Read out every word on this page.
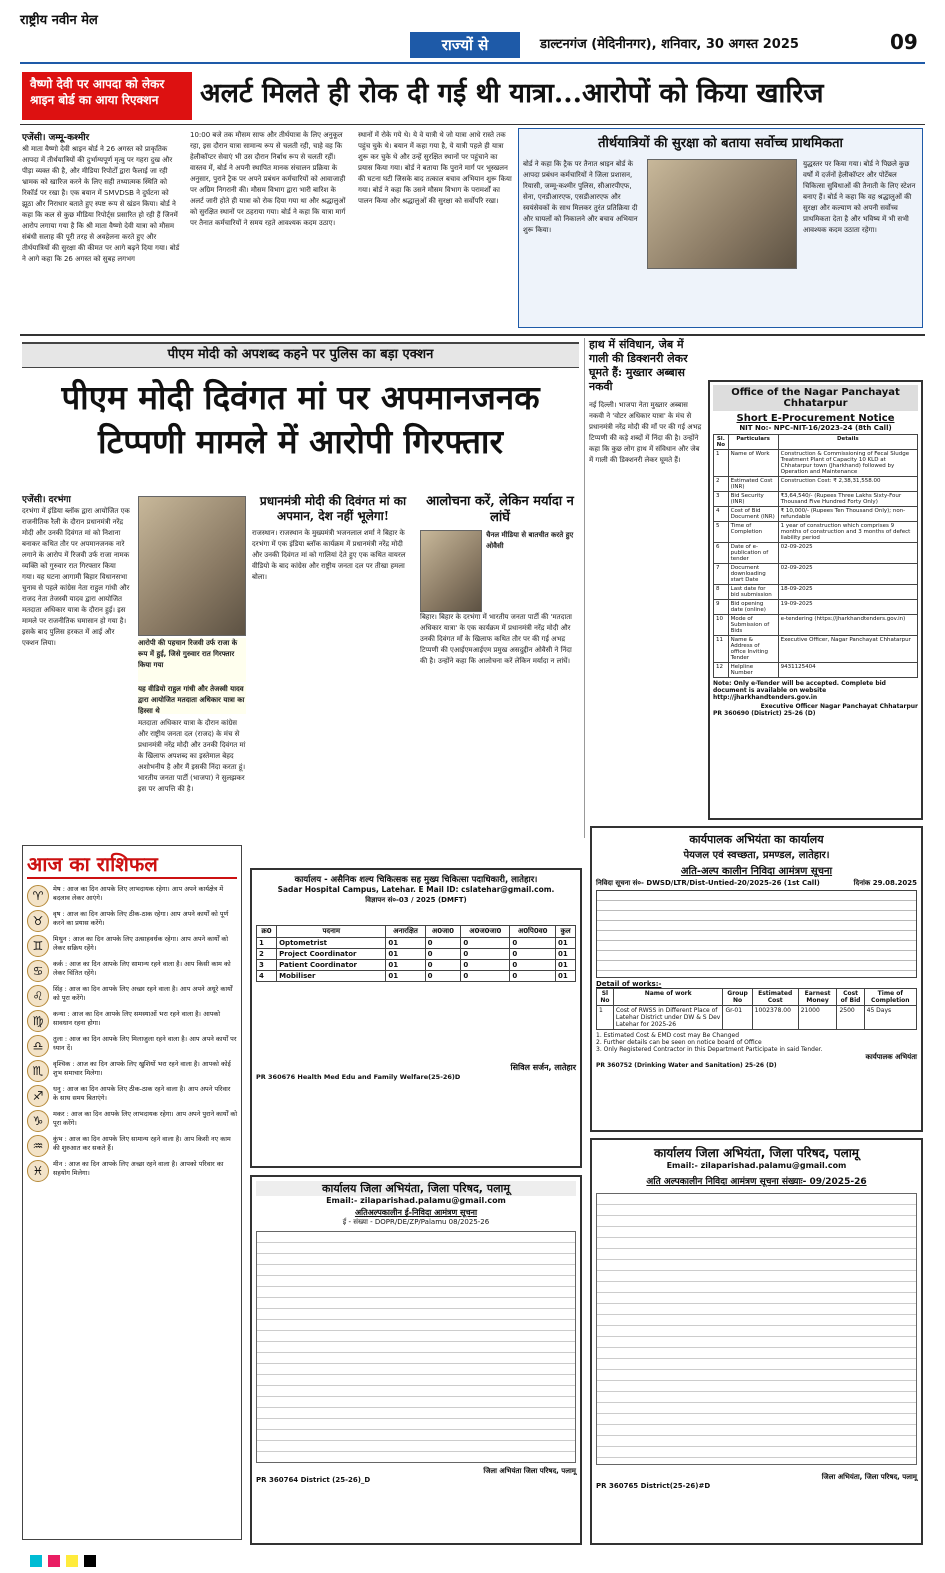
राष्ट्रीय नवीन मेल
राज्यों से	डाल्टनगंज (मेदिनीनगर), शनिवार, 30 अगस्त 2025	09
वैष्णो देवी पर आपदा को लेकर श्राइन बोर्ड का आया रिएक्शन	अलर्ट मिलते ही रोक दी गई थी यात्रा...आरोपों को किया खारिज
एजेंसी। जम्मू-कश्मीर
श्री माता वैष्णो देवी श्राइन बोर्ड ने 26 अगस्त को प्राकृतिक आपदा में तीर्थयात्रियों की दुर्भाग्यपूर्ण मृत्यु पर गहरा दुख और पीड़ा व्यक्त की है, और मीडिया रिपोर्टों द्वारा फैलाई जा रही भ्रामक को खारिज करने के लिए सही तथ्यात्मक स्थिति को रिकॉर्ड पर रखा है। एक बयान में SMVDSB ने दुर्घटना को झूठा और निराधार बताते हुए स्पष्ट रूप से खंडन किया। बोर्ड ने कहा कि कल से कुछ मीडिया रिपोर्ट्स प्रसारित हो रही हैं जिनमें आरोप लगाया गया है कि श्री माता वैष्णो देवी यात्रा को मौसम संबंधी सलाह की पूरी तरह से अवहेलना करते हुए और तीर्थयात्रियों की सुरक्षा की कीमत पर आगे बढ़ने दिया गया। बोर्ड ने आगे कहा कि 26 अगस्त को सुबह लगभग
10:00 बजे तक मौसम साफ और तीर्थयात्रा के लिए अनुकूल रहा, इस दौरान यात्रा सामान्य रूप से चलती रही, चाहे वह कि हेलीकॉप्टर सेवाएं भी उस दौरान निर्बाध रूप से चलती रहीं। वास्तव में, बोर्ड ने अपनी स्थापित मानक संचालन प्रक्रिया के अनुसार, पुराने ट्रैक पर अपने प्रबंधन कर्मचारियों को आवाजाही पर अग्रिम निगरानी की। मौसम विभाग द्वारा भारी बारिश के अलर्ट जारी होते ही यात्रा को रोक दिया गया था और श्रद्धालुओं को सुरक्षित स्थानों पर ठहराया गया। बोर्ड ने कहा कि यात्रा मार्ग पर तैनात कर्मचारियों ने समय रहते आवश्यक कदम उठाए।
स्थानों में रोके गये थे। ये वे यात्री थे जो यात्रा आधे रास्ते तक पहुंच चुके थे। बयान में कहा गया है, ये यात्री पहले ही यात्रा शुरू कर चुके थे और उन्हें सुरक्षित स्थानों पर पहुंचाने का प्रयास किया गया। बोर्ड ने बताया कि पुराने मार्ग पर भूस्खलन की घटना घटी जिसके बाद तत्काल बचाव अभियान शुरू किया गया। बोर्ड ने कहा कि उसने मौसम विभाग के परामर्शों का पालन किया और श्रद्धालुओं की सुरक्षा को सर्वोपरि रखा।
तीर्थयात्रियों की सुरक्षा को बताया सर्वोच्च प्राथमिकता
बोर्ड ने कहा कि ट्रैक पर तैनात श्राइन बोर्ड के आपदा प्रबंधन कर्मचारियों ने जिला प्रशासन, रियासी, जम्मू-कश्मीर पुलिस, सीआरपीएफ, सेना, एनडीआरएफ, एसडीआरएफ और स्वयंसेवकों के साथ मिलकर तुरंत प्रतिक्रिया दी और घायलों को निकालने और बचाव अभियान शुरू किया।
युद्धस्तर पर किया गया। बोर्ड ने पिछले कुछ वर्षों में दर्जनों हेलीकॉप्टर और पोर्टेबल चिकित्सा सुविधाओं की तैनाती के लिए स्टेशन बनाए हैं। बोर्ड ने कहा कि वह श्रद्धालुओं की सुरक्षा और कल्याण को अपनी सर्वोच्च प्राथमिकता देता है और भविष्य में भी सभी आवश्यक कदम उठाता रहेगा।
पीएम मोदी को अपशब्द कहने पर पुलिस का बड़ा एक्शन
पीएम मोदी दिवंगत मां पर अपमानजनक
टिप्पणी मामले में आरोपी गिरफ्तार
एजेंसी। दरभंगा
दरभंगा में इंडिया ब्लॉक द्वारा आयोजित एक राजनीतिक रैली के दौरान प्रधानमंत्री नरेंद्र मोदी और उनकी दिवंगत मां को निशाना बनाकर कथित तौर पर अपमानजनक नारे लगाने के आरोप में रिजवी उर्फ राजा नामक व्यक्ति को गुरुवार रात गिरफ्तार किया गया। यह घटना आगामी बिहार विधानसभा चुनाव से पहले कांग्रेस नेता राहुल गांधी और राजद नेता तेजस्वी यादव द्वारा आयोजित मतदाता अधिकार यात्रा के दौरान हुई। इस मामले पर राजनीतिक घमासान हो गया है। इसके बाद पुलिस हरकत में आई और एक्शन लिया।	आरोपी की पहचान रिजवी उर्फ राजा के रूप में हुई, जिसे गुरुवार रात गिरफ्तार किया गया
यह वीडियो राहुल गांधी और तेजस्वी यादव द्वारा आयोजित मतदाता अधिकार यात्रा का हिस्सा थे
मतदाता अधिकार यात्रा के दौरान कांग्रेस और राष्ट्रीय जनता दल (राजद) के मंच से प्रधानमंत्री नरेंद्र मोदी और उनकी दिवंगत मां के खिलाफ अपशब्द का इस्तेमाल बेहद अशोभनीय है और मैं इसकी निंदा करता हूं। भारतीय जनता पार्टी (भाजपा) ने सुलझकर इस पर आपत्ति की है।
प्रधानमंत्री मोदी की दिवंगत मां का अपमान, देश नहीं भूलेगा!
राजस्थान। राजस्थान के मुख्यमंत्री भजनलाल शर्मा ने बिहार के दरभंगा में एक इंडिया ब्लॉक कार्यक्रम में प्रधानमंत्री नरेंद्र मोदी और उनकी दिवंगत मां को गालियां देते हुए एक कथित वायरल वीडियो के बाद कांग्रेस और राष्ट्रीय जनता दल पर तीखा हमला बोला।
आलोचना करें, लेकिन मर्यादा न लांघें
चैनल मीडिया से बातचीत करते हुए ओवैसी
बिहार। बिहार के दरभंगा में भारतीय जनता पार्टी की 'मतदाता अधिकार यात्रा' के एक कार्यक्रम में प्रधानमंत्री नरेंद्र मोदी और उनकी दिवंगत माँ के खिलाफ कथित तौर पर की गई अभद्र टिप्पणी की एआईएमआईएम प्रमुख असदुद्दीन ओवैसी ने निंदा की है। उन्होंने कहा कि आलोचना करें लेकिन मर्यादा न लांघें।
हाथ में संविधान, जेब में गाली की डिक्शनरी लेकर घूमते हैं: मुख्तार अब्बास नकवी
नई दिल्ली। भाजपा नेता मुख्तार अब्बास नकवी ने 'वोटर अधिकार यात्रा' के मंच से प्रधानमंत्री नरेंद्र मोदी की माँ पर की गई अभद्र टिप्पणी की कड़े शब्दों में निंदा की है। उन्होंने कहा कि कुछ लोग हाथ में संविधान और जेब में गाली की डिक्शनरी लेकर घूमते हैं।
Office of the Nagar Panchayat Chhatarpur
Short E-Procurement Notice
NIT No:- NPC-NIT-16/2023-24 (8th Call)
Sl. No	Particulars	Details
1	Name of Work	Construction & Commissioning of Fecal Sludge Treatment Plant of Capacity 10 KLD at Chhatarpur town (Jharkhand) followed by Operation and Maintenance
2	Estimated Cost (INR)	Construction Cost: ₹ 2,38,31,558.00
3	Bid Security (INR)	₹3,64,540/- (Rupees Three Lakhs Sixty-Four Thousand Five Hundred Forty Only)
4	Cost of Bid Document (INR)	₹ 10,000/- (Rupees Ten Thousand Only); non-refundable
5	Time of Completion	1 year of construction which comprises 9 months of construction and 3 months of defect liability period
6	Date of e-publication of tender	02-09-2025
7	Document downloading start Date	02-09-2025
8	Last date for bid submission	18-09-2025
9	Bid opening date (online)	19-09-2025
10	Mode of Submission of Bids	e-tendering (https://jharkhandtenders.gov.in)
11	Name & Address of office Inviting Tender	Executive Officer, Nagar Panchayat Chhatarpur
12	Helpline Number	9431125404
Note: Only e-Tender will be accepted. Complete bid document is available on website http://jharkhandtenders.gov.in
Executive Officer Nagar Panchayat Chhatarpur
PR 360690 (District) 25-26 (D)
कार्यपालक अभियंता का कार्यालय
पेयजल एवं स्वच्छता, प्रमण्डल, लातेहार।
अति-अल्प कालीन निविदा आमंत्रण सूचना
निविदा सूचना सं०- DWSD/LTR/Dist-Untied-20/2025-26 (1st Call)	दिनांक 29.08.2025
Detail of works:-
Sl No	Name of work	Group No	Estimated Cost	Earnest Money	Cost of Bid	Time of Completion
1	Cost of RWSS in Different Place of Latehar District under DW & S Dev Latehar for 2025-26	Gr-01	1002378.00	21000	2500	45 Days
1. Estimated Cost & EMD cost may Be Changed
2. Further details can be seen on notice board of Office
3. Only Registered Contractor in this Department Participate in said Tender.
कार्यपालक अभियंता
PR 360752 (Drinking Water and Sanitation) 25-26 (D)
आज का राशिफल
♈	मेष : आज का दिन आपके लिए लाभदायक रहेगा। आप अपने कार्यक्षेत्र में बदलाव लेकर आएंगे।
♉	वृष : आज का दिन आपके लिए ठीक-ठाक रहेगा। आप अपने कार्यों को पूर्ण करने का प्रयास करेंगे।
♊	मिथुन : आज का दिन आपके लिए उत्साहवर्धक रहेगा। आप अपने कार्यों को लेकर सक्रिय रहेंगे।
♋	कर्क : आज का दिन आपके लिए सामान्य रहने वाला है। आप किसी काम को लेकर चिंतित रहेंगे।
♌	सिंह : आज का दिन आपके लिए अच्छा रहने वाला है। आप अपने अधूरे कार्यों को पूरा करेंगे।
♍	कन्या : आज का दिन आपके लिए समस्याओं भरा रहने वाला है। आपको सावधान रहना होगा।
♎	तुला : आज का दिन आपके लिए मिलाजुला रहने वाला है। आप अपने कार्यों पर ध्यान दें।
♏	वृश्चिक : आज का दिन आपके लिए खुशियों भरा रहने वाला है। आपको कोई शुभ समाचार मिलेगा।
♐	धनु : आज का दिन आपके लिए ठीक-ठाक रहने वाला है। आप अपने परिवार के साथ समय बिताएंगे।
♑	मकर : आज का दिन आपके लिए लाभदायक रहेगा। आप अपने पुराने कार्यों को पूरा करेंगे।
♒	कुंभ : आज का दिन आपके लिए सामान्य रहने वाला है। आप किसी नए काम की शुरुआत कर सकते हैं।
♓	मीन : आज का दिन आपके लिए अच्छा रहने वाला है। आपको परिवार का सहयोग मिलेगा।
कार्यालय - असैनिक शल्य चिकित्सक सह मुख्य चिकित्सा पदाधिकारी, लातेहार।
Sadar Hospital Campus, Latehar. E Mail ID: cslatehar@gmail.com.
विज्ञापन सं०-03 / 2025 (DMFT)
क्र0	पदनाम	अनारक्षित	अ0जा0	अ0ज0जा0	अ0पि0व0	कुल
1	Optometrist	01	0	0	0	01
2	Project Coordinator	01	0	0	0	01
3	Patient Coordinator	01	0	0	0	01
4	Mobiliser	01	0	0	0	01
सिविल सर्जन, लातेहार
PR 360676 Health Med Edu and Family Welfare(25-26)D
कार्यालय जिला अभियंता, जिला परिषद, पलामू
Email:- zilaparishad.palamu@gmail.com
अतिअल्पकालीन ई-निविदा आमंत्रण सूचना
ई - संख्या - DOPR/DE/ZP/Palamu 08/2025-26
जिला अभियंता जिला परिषद, पलामू
PR 360764 District (25-26)_D
कार्यालय जिला अभियंता, जिला परिषद, पलामू
Email:- zilaparishad.palamu@gmail.com
अति अल्पकालीन निविदा आमंत्रण सूचना संख्याः- 09/2025-26
जिला अभियंता, जिला परिषद, पलामू
PR 360765 District(25-26)#D
